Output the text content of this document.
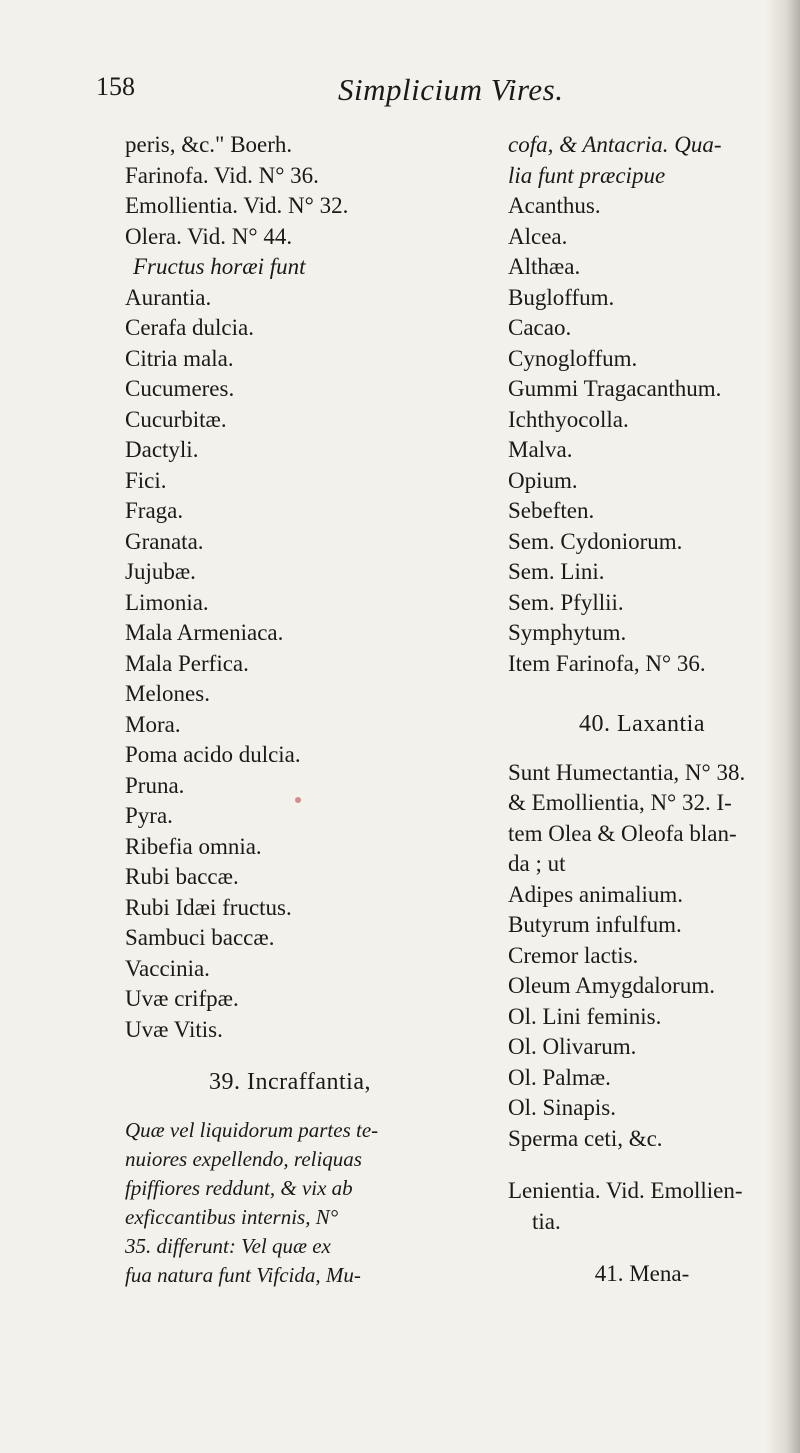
158	Simplicium Vires.
peris, &c." Boerh.
Farinofa. Vid. N° 36.
Emollientia. Vid. N° 32.
Olera. Vid. N° 44.
Fructus horæi funt
Aurantia.
Cerafa dulcia.
Citria mala.
Cucumeres.
Cucurbitæ.
Dactyli.
Fici.
Fraga.
Granata.
Jujubæ.
Limonia.
Mala Armeniaca.
Mala Perfica.
Melones.
Mora.
Poma acido dulcia.
Pruna.
Pyra.
Ribefia omnia.
Rubi baccæ.
Rubi Idæi fructus.
Sambuci baccæ.
Vaccinia.
Uvæ crifpæ.
Uvæ Vitis.
39. Incraffantia,
Quæ vel liquidorum partes te-
nuiores expellendo, reliquas
fpiffiores reddunt, & vix ab
exficcantibus internis, N°
35. differunt: Vel quæ ex
fua natura funt Vifcida, Mu-
cofa, & Antacria. Qua-
lia funt præcipue
Acanthus.
Alcea.
Althæa.
Bugloffum.
Cacao.
Cynogloffum.
Gummi Tragacanthum.
Ichthyocolla.
Malva.
Opium.
Sebeften.
Sem. Cydoniorum.
Sem. Lini.
Sem. Pfyllii.
Symphytum.
Item Farinofa, N° 36.
40. Laxantia
Sunt Humectantia, N° 38.
& Emollientia, N° 32. I-
tem Olea & Oleofa blan-
da ; ut
Adipes animalium.
Butyrum infulfum.
Cremor lactis.
Oleum Amygdalorum.
Ol. Lini feminis.
Ol. Olivarum.
Ol. Palmæ.
Ol. Sinapis.
Sperma ceti, &c.
Lenientia. Vid. Emollien-
tia.
41. Mena-
